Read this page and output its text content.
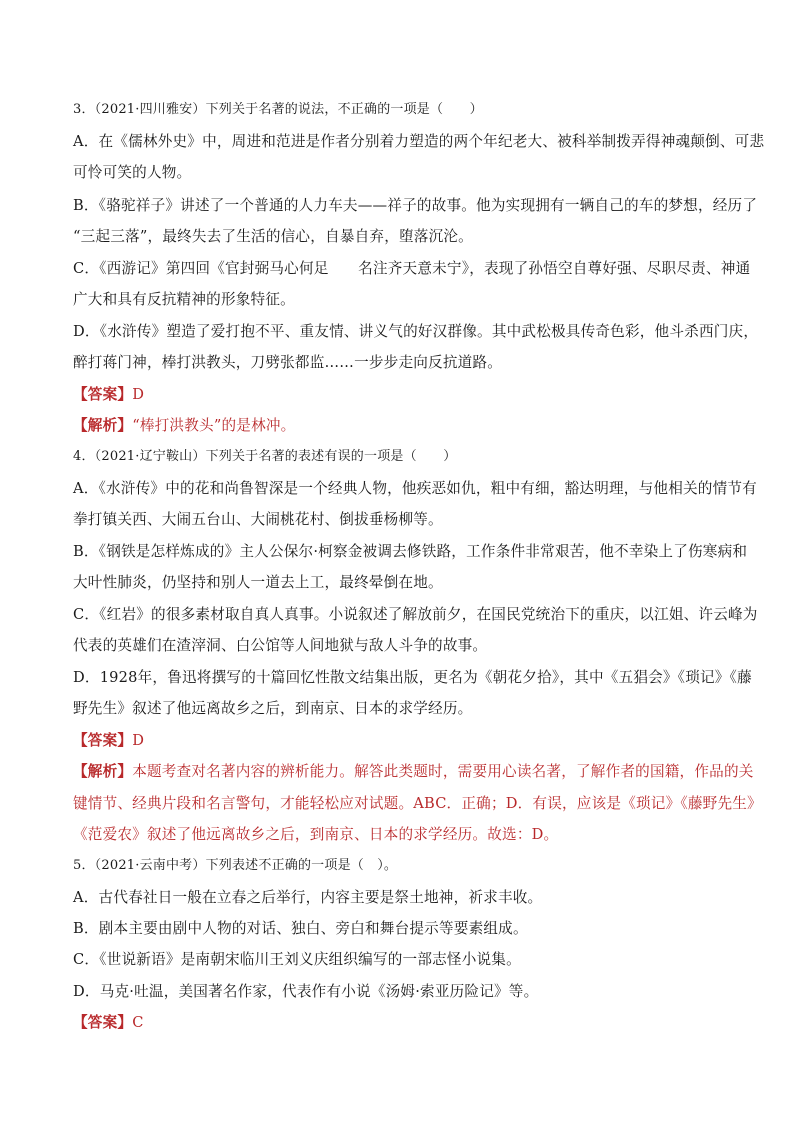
3．（2021·四川雅安）下列关于名著的说法，不正确的一项是（　　）
A．在《儒林外史》中，周进和范进是作者分别着力塑造的两个年纪老大、被科举制拨弄得神魂颠倒、可悲
可怜可笑的人物。
B．《骆驼祥子》讲述了一个普通的人力车夫——祥子的故事。他为实现拥有一辆自己的车的梦想，经历了
“三起三落”，最终失去了生活的信心，自暴自弃，堕落沉沦。
C．《西游记》第四回《官封弼马心何足　　名注齐天意未宁》，表现了孙悟空自尊好强、尽职尽责、神通
广大和具有反抗精神的形象特征。
D．《水浒传》塑造了爱打抱不平、重友情、讲义气的好汉群像。其中武松极具传奇色彩，他斗杀西门庆，
醉打蒋门神，棒打洪教头，刀劈张都监……一步步走向反抗道路。
【答案】D
【解析】“棒打洪教头”的是林冲。
4．（2021·辽宁鞍山）下列关于名著的表述有误的一项是（　　）
A．《水浒传》中的花和尚鲁智深是一个经典人物，他疾恶如仇，粗中有细，豁达明理，与他相关的情节有
拳打镇关西、大闹五台山、大闹桃花村、倒拔垂杨柳等。
B．《钢铁是怎样炼成的》主人公保尔·柯察金被调去修铁路，工作条件非常艰苦，他不幸染上了伤寒病和
大叶性肺炎，仍坚持和别人一道去上工，最终晕倒在地。
C．《红岩》的很多素材取自真人真事。小说叙述了解放前夕，在国民党统治下的重庆，以江姐、许云峰为
代表的英雄们在渣滓洞、白公馆等人间地狱与敌人斗争的故事。
D．1928年，鲁迅将撰写的十篇回忆性散文结集出版，更名为《朝花夕拾》，其中《五猖会》《琐记》《藤
野先生》叙述了他远离故乡之后，到南京、日本的求学经历。
【答案】D
【解析】本题考查对名著内容的辨析能力。解答此类题时，需要用心读名著，了解作者的国籍，作品的关
键情节、经典片段和名言警句，才能轻松应对试题。ABC．正确；D．有误，应该是《琐记》《藤野先生》
《范爱农》叙述了他远离故乡之后，到南京、日本的求学经历。故选：D。
5．（2021·云南中考）下列表述不正确的一项是（　）。
A．古代春社日一般在立春之后举行，内容主要是祭土地神，祈求丰收。
B．剧本主要由剧中人物的对话、独白、旁白和舞台提示等要素组成。
C．《世说新语》是南朝宋临川王刘义庆组织编写的一部志怪小说集。
D．马克·吐温，美国著名作家，代表作有小说《汤姆·索亚历险记》等。
【答案】C
